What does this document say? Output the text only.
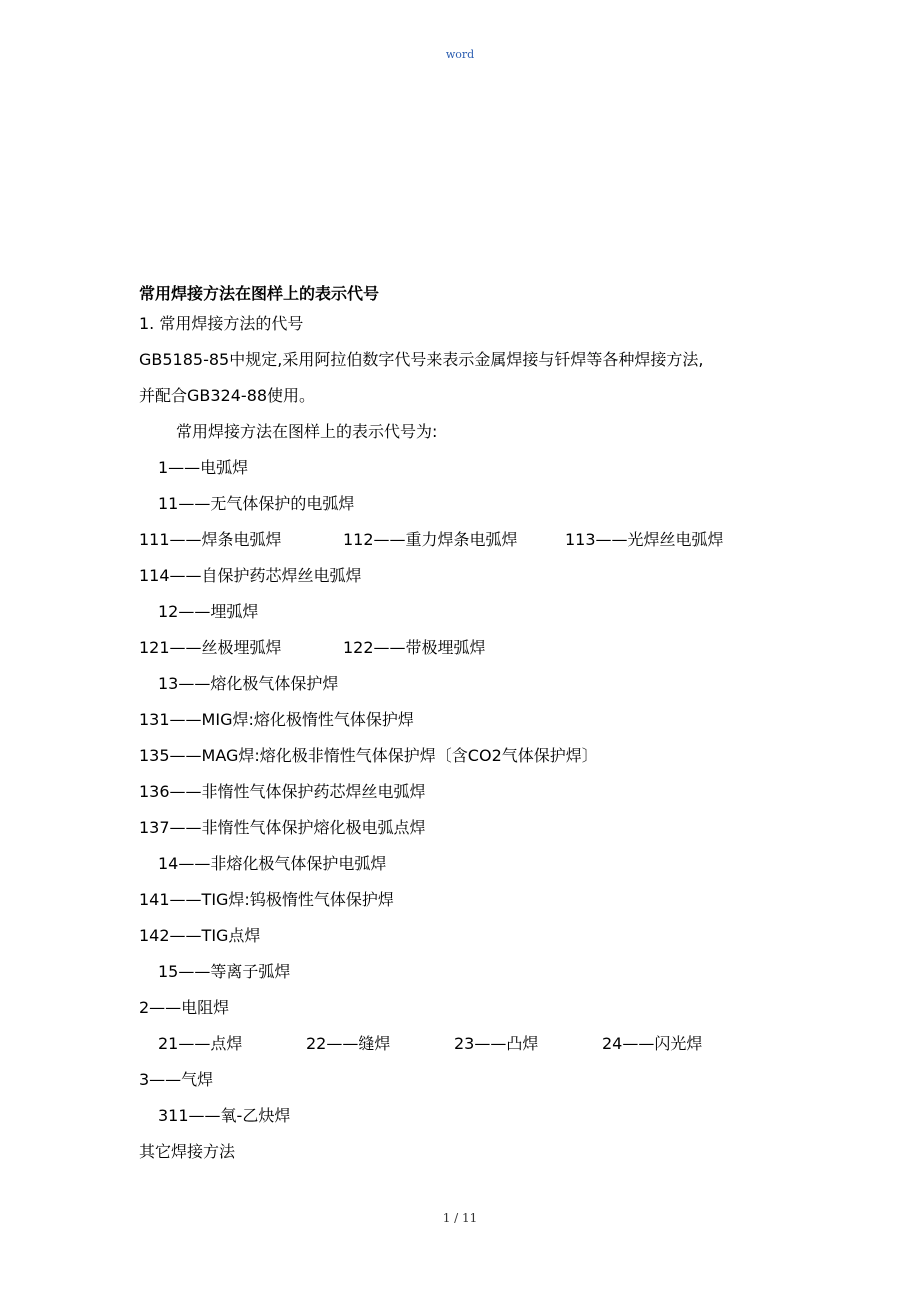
word
常用焊接方法在图样上的表示代号
1. 常用焊接方法的代号
GB5185-85中规定,采用阿拉伯数字代号来表示金属焊接与钎焊等各种焊接方法,
并配合GB324-88使用。
常用焊接方法在图样上的表示代号为:
1——电弧焊
11——无气体保护的电弧焊
111——焊条电弧焊	112——重力焊条电弧焊	113——光焊丝电弧焊
114——自保护药芯焊丝电弧焊
12——埋弧焊
121——丝极埋弧焊	122——带极埋弧焊
13——熔化极气体保护焊
131——MIG焊:熔化极惰性气体保护焊
135——MAG焊:熔化极非惰性气体保护焊〔含CO2气体保护焊〕
136——非惰性气体保护药芯焊丝电弧焊
137——非惰性气体保护熔化极电弧点焊
14——非熔化极气体保护电弧焊
141——TIG焊:钨极惰性气体保护焊
142——TIG点焊
15——等离子弧焊
2——电阻焊
21——点焊	22——缝焊	23——凸焊	24——闪光焊
3——气焊
311——氧-乙炔焊
其它焊接方法
1 / 11
